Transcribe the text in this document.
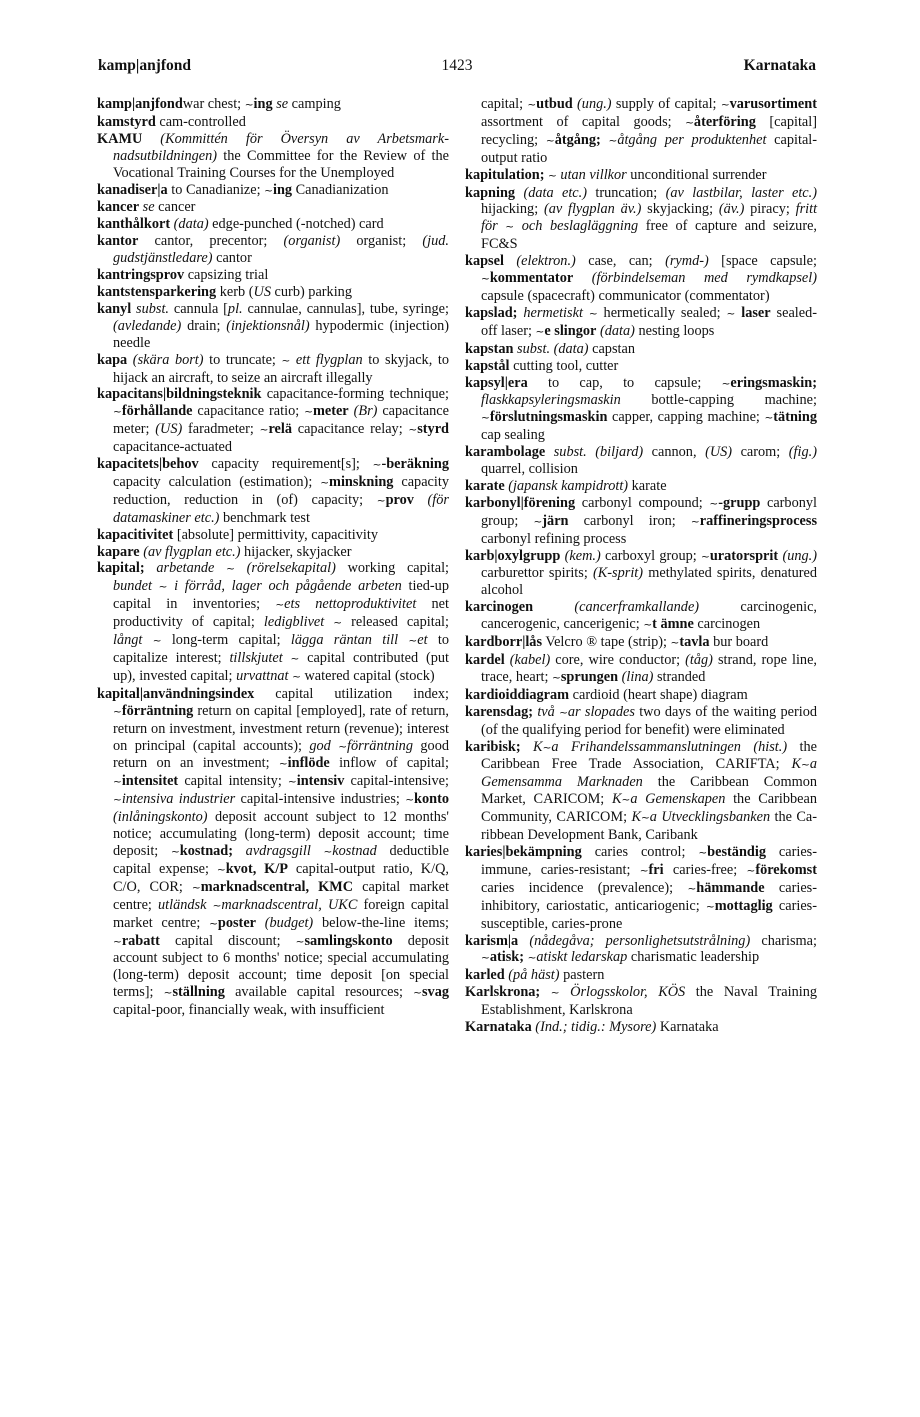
1423
kamp|anjfond	Karnataka

kamp|anjfondwar chest; ~ing se camping

kamstyrd cam-controlled

KAMU (Kommittén för Översyn av Arbetsmarknadsutbildningen) the Committee for the Review of the Vocational Training Courses for the Unemployed

kanadiser|a to Canadianize; ~ing Canadianization

kancer se cancer

kanthålkort (data) edge-punched (-notched) card

kantor cantor, precentor; (organist) organist; (jud. gudstjänstledare) cantor

kantringsprov capsizing trial

kantstensparkering kerb (US curb) parking

kanyl subst. cannula [pl. cannulae, cannulas], tube, syringe; (avledande) drain; (injektionsnål) hypodermic (injection) needle

kapa (skära bort) to truncate; ~ ett flygplan to skyjack, to hijack an aircraft, to seize an aircraft illegally

kapacitans|bildningsteknik capacitance-forming technique; ~förhållande capacitance ratio; ~meter (Br) capacitance meter; (US) faradmeter; ~relä capacitance relay; ~styrd capacitance-actuated

kapacitets|behov capacity requirement[s]; ~-beräkning capacity calculation (estimation); ~minskning capacity reduction, reduction in (of) capacity; ~prov (för datamaskiner etc.) benchmark test

kapacitivitet [absolute] permittivity, capacitivity

kapare (av flygplan etc.) hijacker, skyjacker

kapital; arbetande ~ (rörelsekapital) working capital; bundet ~ i förråd, lager och pågående arbeten tied-up capital in inventories; ~ets nettoproduktivitet net productivity of capital; ledigblivet ~ released capital; långt ~ long-term capital; lägga räntan till ~et to capitalize interest; tillskjutet ~ capital contributed (put up), invested capital; urvattnat ~ watered capital (stock)

kapital|användningsindex capital utilization index; ~förräntning return on capital [employed], rate of return, return on investment, investment return (revenue); interest on principal (capital accounts); god ~förräntning good return on an investment; ~inflöde inflow of capital; ~intensitet capital intensity; ~intensiv capital-intensive; ~intensiva industrier capital-intensive industries; ~konto (inlåningskonto) deposit account subject to 12 months' notice; accumulating (long-term) deposit account; time deposit; ~kostnad; avdragsgill ~kostnad deductible capital expense; ~kvot, K/P capital-output ratio, K/Q, C/O, COR; ~marknadscentral, KMC capital market centre; utländsk ~marknadscentral, UKC foreign capital market centre; ~poster (budget) below-the-line items; ~rabatt capital discount; ~samlingskonto deposit account subject to 6 months' notice; special accumulating (long-term) deposit account; time deposit [on special terms]; ~ställning available capital resources; ~svag capital-poor, financially weak, with insufficient

capital; ~utbud (ung.) supply of capital; ~varusortiment assortment of capital goods; ~återföring [capital] recycling; ~åtgång; ~åtgång per produktenhet capital-output ratio

kapitulation; ~ utan villkor unconditional surrender

kapning (data etc.) truncation; (av lastbilar, laster etc.) hijacking; (av flygplan äv.) skyjacking; (äv.) piracy; fritt för ~ och beslagläggning free of capture and seizure, FC&S

kapsel (elektron.) case, can; (rymd-) [space capsule; ~kommentator (förbindelseman med rymdkapsel) capsule (spacecraft) communicator (commentator)

kapslad; hermetiskt ~ hermetically sealed; ~ laser sealed-off laser; ~e slingor (data) nesting loops

kapstan subst. (data) capstan

kapstål cutting tool, cutter

kapsyl|era to cap, to capsule; ~eringsmaskin; flaskkapsyleringsmaskin bottle-capping machine; ~förslutningsmaskin capper, capping machine; ~tätning cap sealing

karambolage subst. (biljard) cannon, (US) carom; (fig.) quarrel, collision

karate (japansk kampidrott) karate

karbonyl|förening carbonyl compound; ~-grupp carbonyl group; ~järn carbonyl iron; ~raffineringsprocess carbonyl refining process

karb|oxylgrupp (kem.) carboxyl group; ~uratorsprit (ung.) carburettor spirits; (K-sprit) methylated spirits, denatured alcohol

karcinogen (cancerframkallande) carcinogenic, cancerogenic, cancerigenic; ~t ämne carcinogen

kardborr|lås Velcro ® tape (strip); ~tavla bur board

kardel (kabel) core, wire conductor; (tåg) strand, rope line, trace, heart; ~sprungen (lina) stranded

kardioiddiagram cardioid (heart shape) diagram

karensdag; två ~ar slopades two days of the waiting period (of the qualifying period for benefit) were eliminated

karibisk; K~a Frihandelssammanslutningen (hist.) the Caribbean Free Trade Association, CARIFTA; K~a Gemensamma Marknaden the Caribbean Common Market, CARICOM; K~a Gemenskapen the Caribbean Community, CARICOM; K~a Utvecklingsbanken the Caribbean Development Bank, Caribank

karies|bekämpning caries control; ~beständig caries-immune, caries-resistant; ~fri caries-free; ~förekomst caries incidence (prevalence); ~hämmande caries-inhibitory, cariostatic, anticariogenic; ~mottaglig caries-susceptible, caries-prone

karism|a (nådegåva; personlighetsutstrålning) charisma; ~atisk; ~atiskt ledarskap charismatic leadership

karled (på häst) pastern

Karlskrona; ~ Örlogsskolor, KÖS the Naval Training Establishment, Karlskrona

Karnataka (Ind.; tidig.: Mysore) Karnataka
